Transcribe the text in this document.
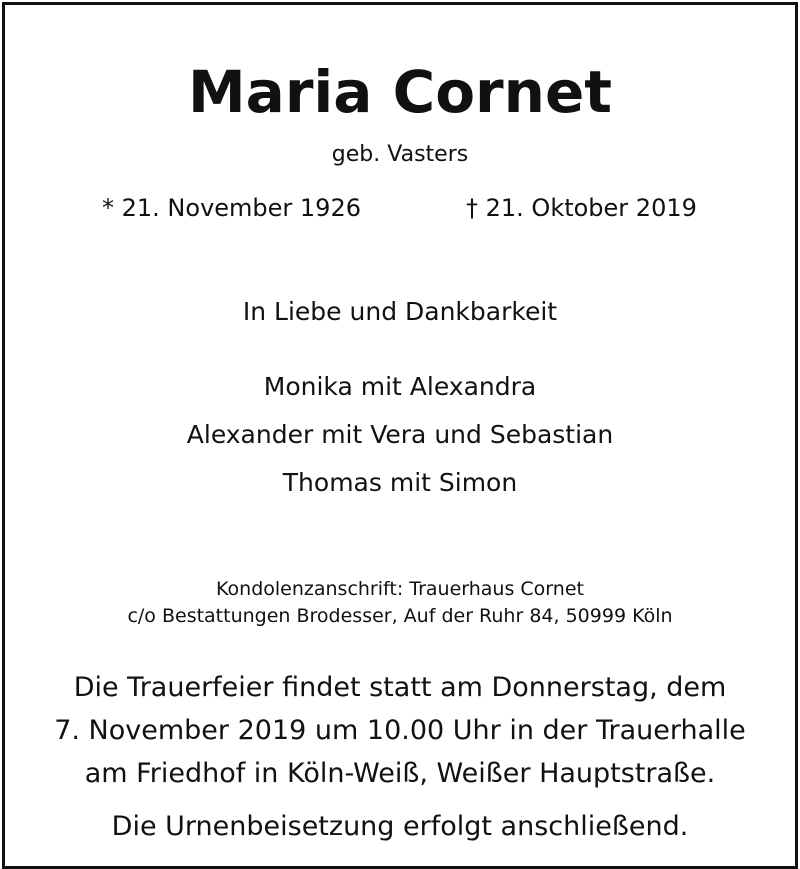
Maria Cornet
geb. Vasters
* 21. November 1926	† 21. Oktober 2019
In Liebe und Dankbarkeit
Monika mit Alexandra
Alexander mit Vera und Sebastian
Thomas mit Simon
Kondolenzanschrift: Trauerhaus Cornet
c/o Bestattungen Brodesser, Auf der Ruhr 84, 50999 Köln
Die Trauerfeier findet statt am Donnerstag, dem
7. November 2019 um 10.00 Uhr in der Trauerhalle
am Friedhof in Köln-Weiß, Weißer Hauptstraße.
Die Urnenbeisetzung erfolgt anschließend.
